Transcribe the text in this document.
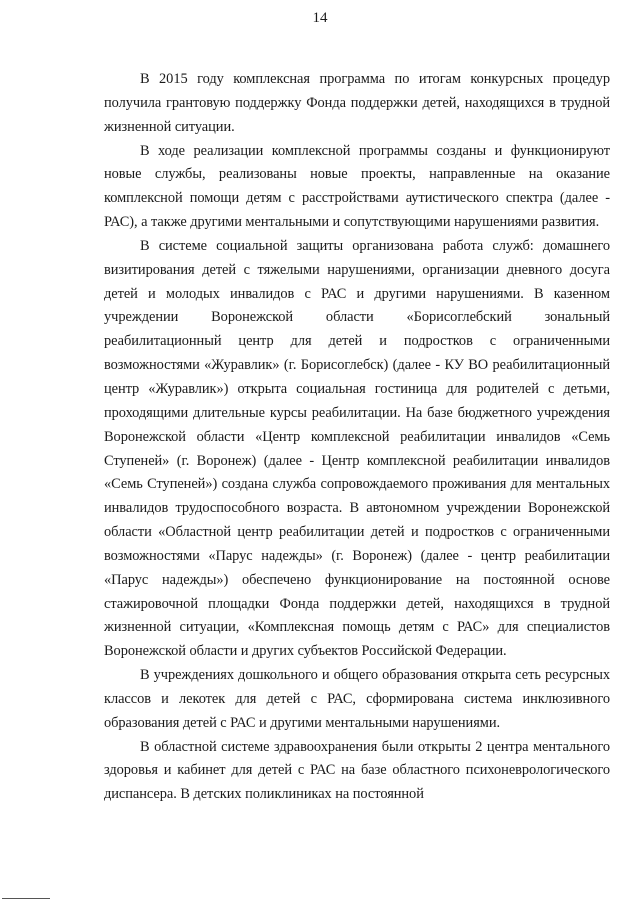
14

В 2015 году комплексная программа по итогам конкурсных процедур получила грантовую поддержку Фонда поддержки детей, находящихся в трудной жизненной ситуации.

В ходе реализации комплексной программы созданы и функционируют новые службы, реализованы новые проекты, направленные на оказание комплексной помощи детям с расстройствами аутистического спектра (далее - РАС), а также другими ментальными и сопутствующими нарушениями развития.

В системе социальной защиты организована работа служб: домашнего визитирования детей с тяжелыми нарушениями, организации дневного досуга детей и молодых инвалидов с РАС и другими нарушениями. В казенном учреждении Воронежской области «Борисоглебский зональный реабилитационный центр для детей и подростков с ограниченными возможностями «Журавлик» (г. Борисоглебск) (далее - КУ ВО реабилитационный центр «Журавлик») открыта социальная гостиница для родителей с детьми, проходящими длительные курсы реабилитации. На базе бюджетного учреждения Воронежской области «Центр комплексной реабилитации инвалидов «Семь Ступеней» (г. Воронеж) (далее - Центр комплексной реабилитации инвалидов «Семь Ступеней») создана служба сопровождаемого проживания для ментальных инвалидов трудоспособного возраста. В автономном учреждении Воронежской области «Областной центр реабилитации детей и подростков с ограниченными возможностями «Парус надежды» (г. Воронеж) (далее - центр реабилитации «Парус надежды») обеспечено функционирование на постоянной основе стажировочной площадки Фонда поддержки детей, находящихся в трудной жизненной ситуации, «Комплексная помощь детям с РАС» для специалистов Воронежской области и других субъектов Российской Федерации.

В учреждениях дошкольного и общего образования открыта сеть ресурсных классов и лекотек для детей с РАС, сформирована система инклюзивного образования детей с РАС и другими ментальными нарушениями.

В областной системе здравоохранения были открыты 2 центра ментального здоровья и кабинет для детей с РАС на базе областного психоневрологического диспансера. В детских поликлиниках на постоянной
